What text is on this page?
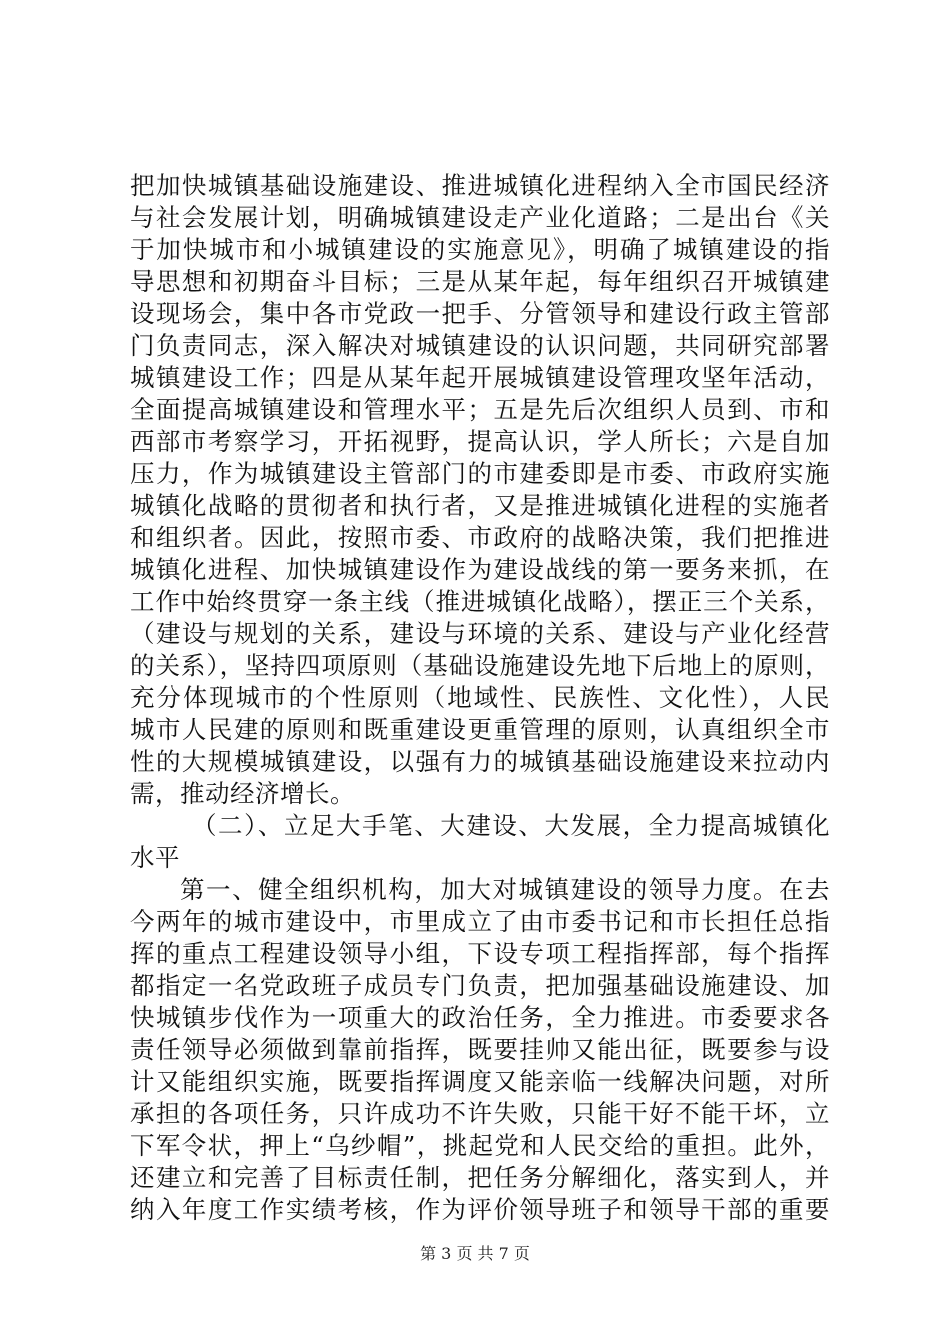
把加快城镇基础设施建设、推进城镇化进程纳入全市国民经济
与社会发展计划，明确城镇建设走产业化道路；二是出台《关
于加快城市和小城镇建设的实施意见》，明确了城镇建设的指
导思想和初期奋斗目标；三是从某年起，每年组织召开城镇建
设现场会，集中各市党政一把手、分管领导和建设行政主管部
门负责同志，深入解决对城镇建设的认识问题，共同研究部署
城镇建设工作；四是从某年起开展城镇建设管理攻坚年活动，
全面提高城镇建设和管理水平；五是先后次组织人员到、市和
西部市考察学习，开拓视野，提高认识，学人所长；六是自加
压力，作为城镇建设主管部门的市建委即是市委、市政府实施
城镇化战略的贯彻者和执行者，又是推进城镇化进程的实施者
和组织者。因此，按照市委、市政府的战略决策，我们把推进
城镇化进程、加快城镇建设作为建设战线的第一要务来抓，在
工作中始终贯穿一条主线（推进城镇化战略），摆正三个关系，
（建设与规划的关系，建设与环境的关系、建设与产业化经营
的关系），坚持四项原则（基础设施建设先地下后地上的原则，
充分体现城市的个性原则（地域性、民族性、文化性），人民
城市人民建的原则和既重建设更重管理的原则，认真组织全市
性的大规模城镇建设，以强有力的城镇基础设施建设来拉动内
需，推动经济增长。
（二）、立足大手笔、大建设、大发展，全力提高城镇化
水平
第一、健全组织机构，加大对城镇建设的领导力度。在去
今两年的城市建设中，市里成立了由市委书记和市长担任总指
挥的重点工程建设领导小组，下设专项工程指挥部，每个指挥
都指定一名党政班子成员专门负责，把加强基础设施建设、加
快城镇步伐作为一项重大的政治任务，全力推进。市委要求各
责任领导必须做到靠前指挥，既要挂帅又能出征，既要参与设
计又能组织实施，既要指挥调度又能亲临一线解决问题，对所
承担的各项任务，只许成功不许失败，只能干好不能干坏，立
下军令状，押上“乌纱帽”，挑起党和人民交给的重担。此外，
还建立和完善了目标责任制，把任务分解细化，落实到人，并
纳入年度工作实绩考核，作为评价领导班子和领导干部的重要
第 3 页 共 7 页
